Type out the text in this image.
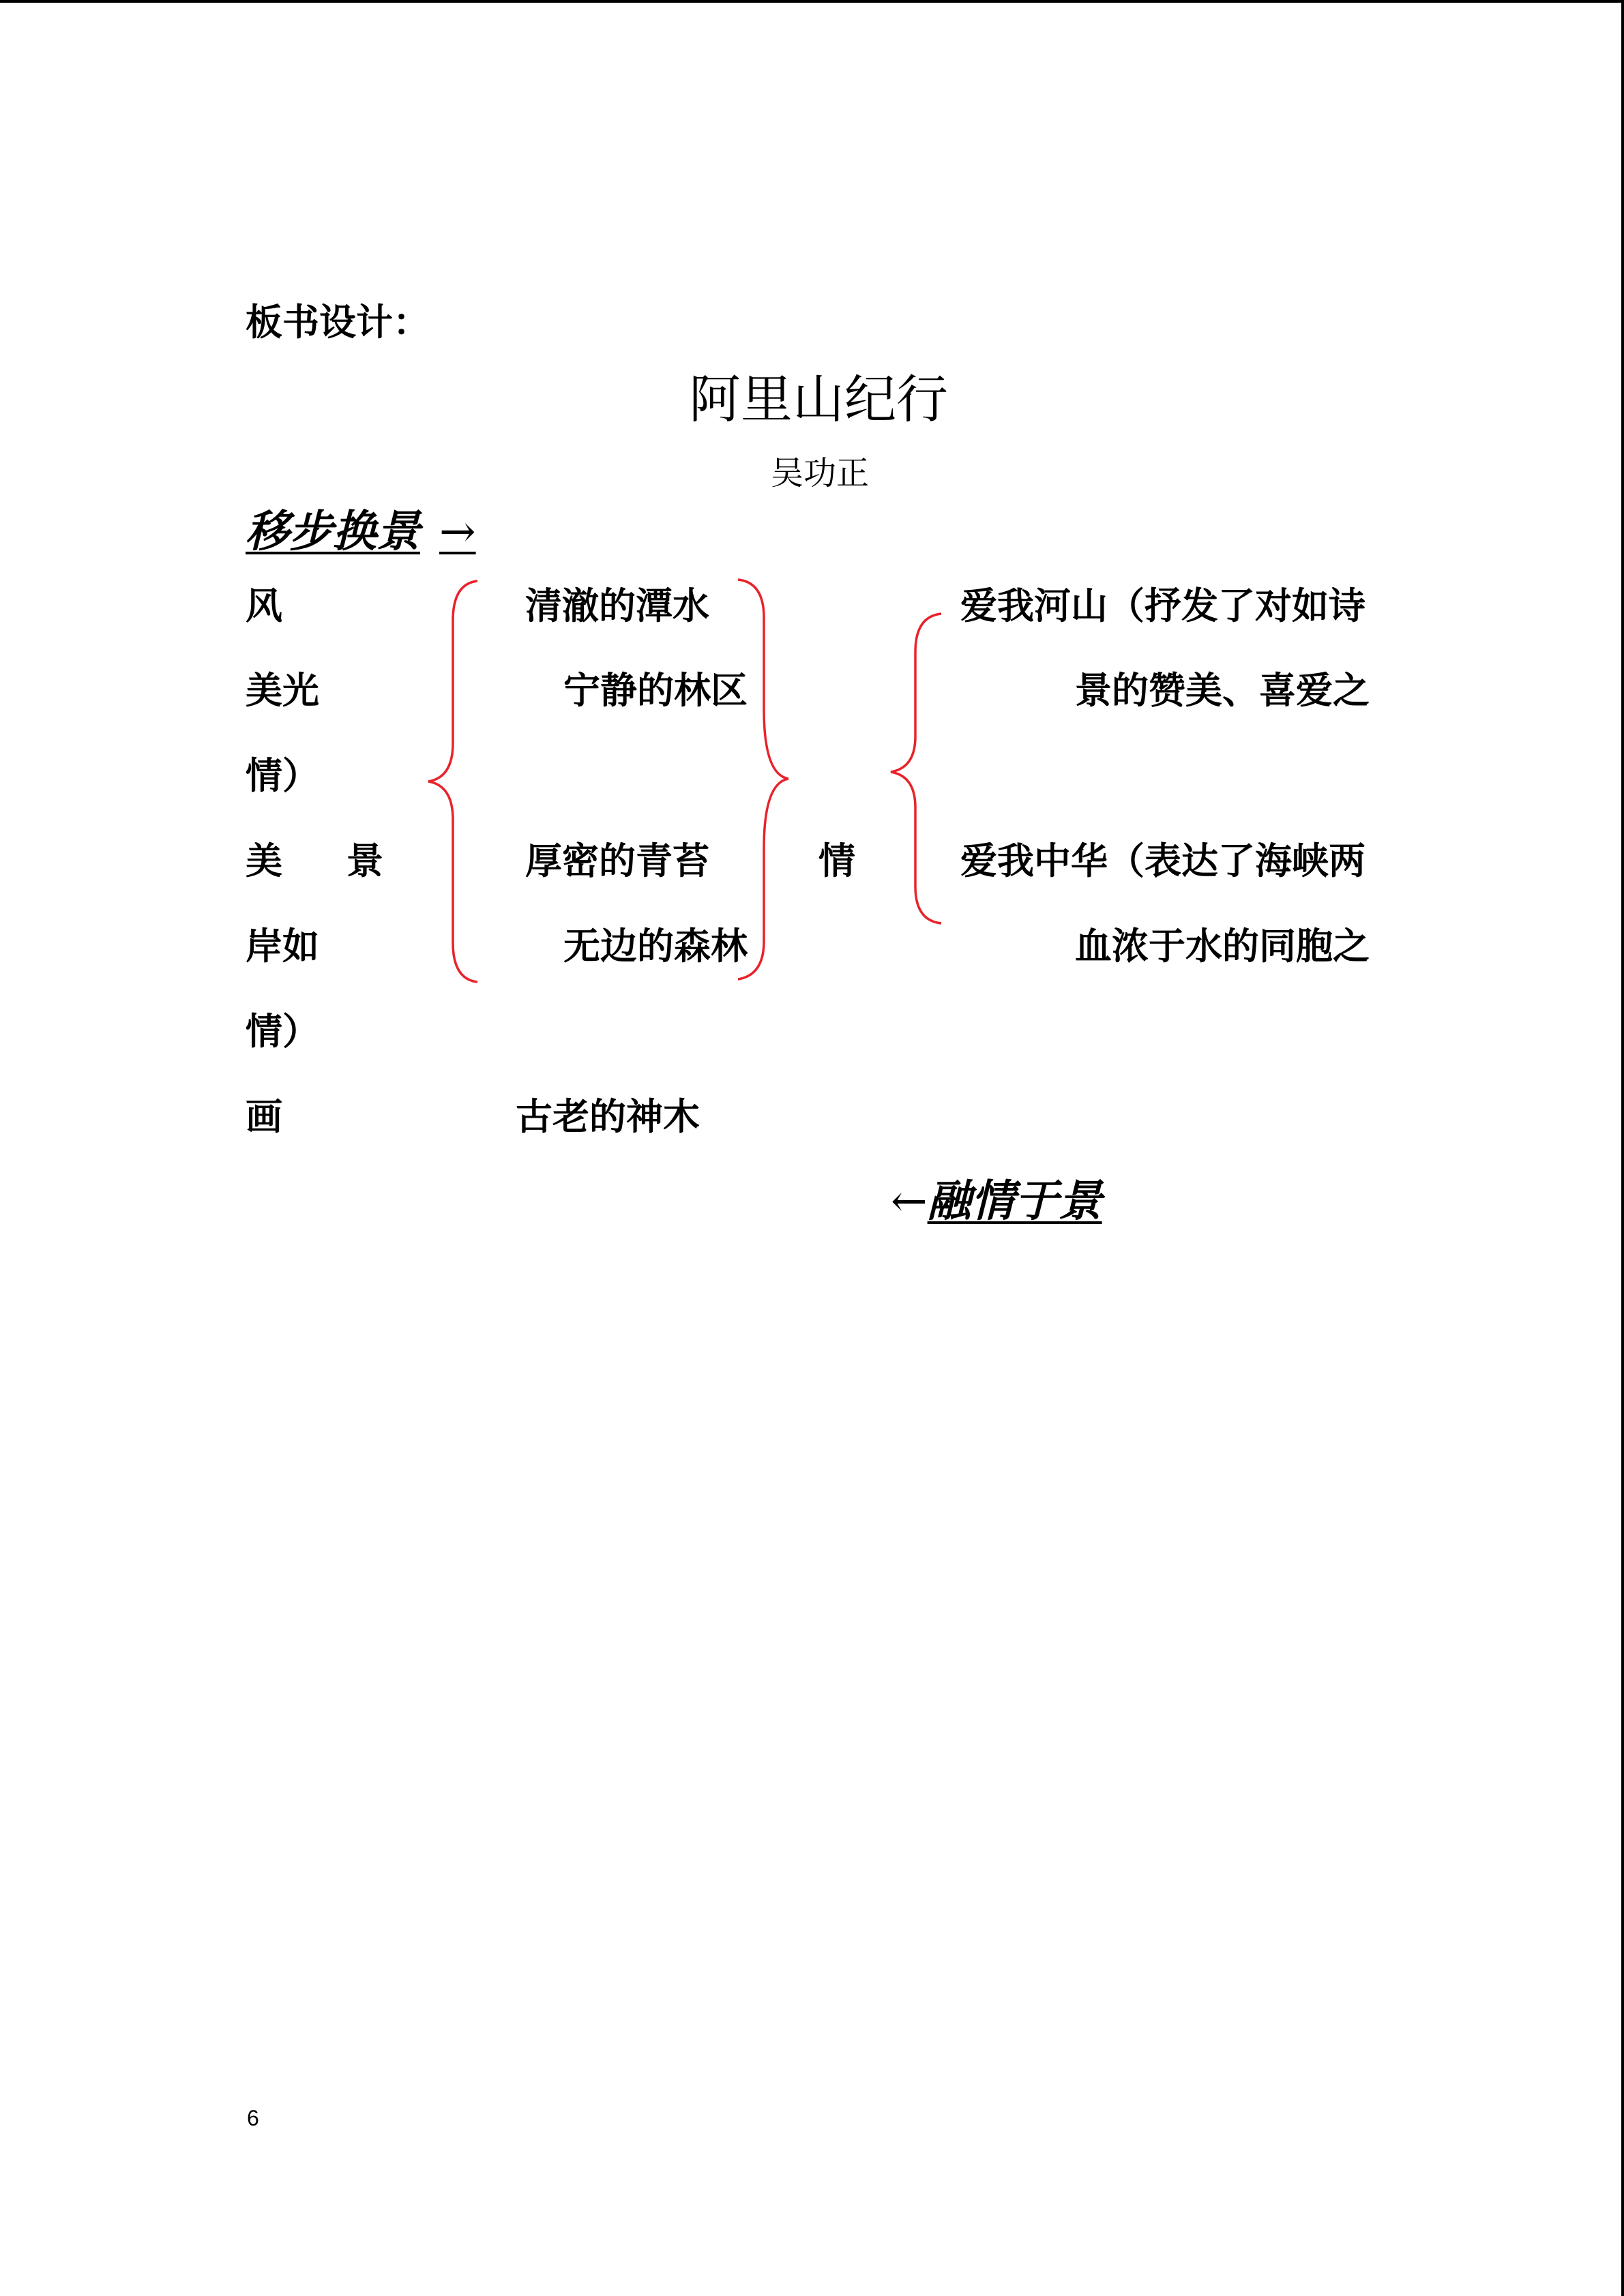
板书设计：
阿里山纪行
吴功正
移步换景 →
风
美光
情）
美 景
岸如
情）
画
清澈的潭水
宁静的林区
厚密的青苔
无边的森林
古老的神木
情
爱我河山（抒发了对如诗
景的赞美、喜爱之
爱我中华（表达了海峡两
血浓于水的同胞之
←融情于景
6
